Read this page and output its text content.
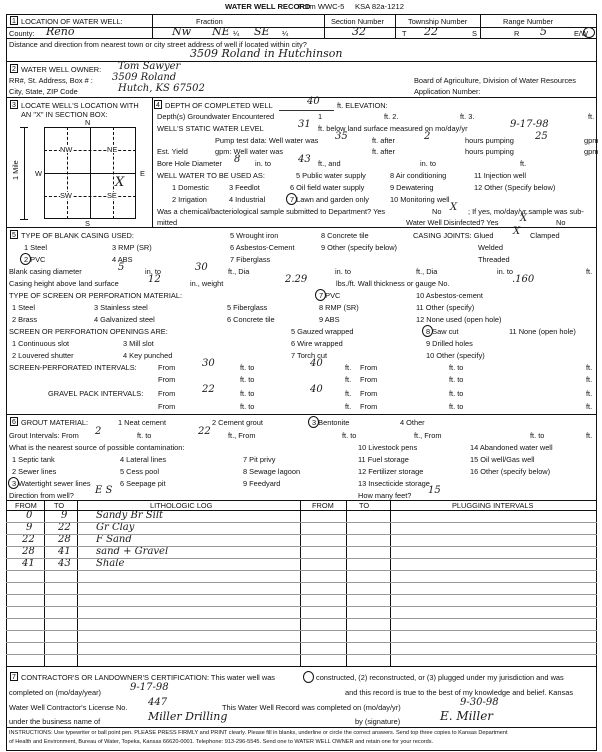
WATER WELL RECORD
Form WWC-5 KSA 82a-1212
1 LOCATION OF WATER WELL:	Fraction	Section Number	Township Number	Range Number
County: Reno	Nw NE ¼ SE ¼	32	T 22	S	R 5	E/W
Distance and direction from nearest town or city street address of well if located within city?
3509 Roland in Hutchinson
2 WATER WELL OWNER: Tom Sawyer
RR#, St. Address, Box # : 3509 Roland	Board of Agriculture, Division of Water Resources
City, State, ZIP Code	Hutch, KS 67502	Application Number:
3 LOCATE WELL'S LOCATION WITH
AN "X" IN SECTION BOX:
N
S
W	E
1 Mile
NW	NE
SW	SE
X
4 DEPTH OF COMPLETED WELL	40 ft. ELEVATION:
Depth(s) Groundwater Encountered	1	ft. 2.	ft. 3.	ft.
WELL'S STATIC WATER LEVEL	31 ft. below land surface measured on mo/day/yr	9-17-98
Pump test data: Well water was 35	ft. after	2	hours pumping 25	gpm
Est. Yield	gpm: Well water was	ft. after	hours pumping	gpm
Bore Hole Diameter 8 in. to	43 ft., and	in. to	ft.
WELL WATER TO BE USED AS:	5 Public water supply	8 Air conditioning	11 Injection well
1 Domestic	3 Feedlot	6 Oil field water supply	9 Dewatering	12 Other (Specify below)
2 Irrigation	4 Industrial	7 Lawn and garden only	10 Monitoring well
Was a chemical/bacteriological sample submitted to Department? Yes	No X ; If yes, mo/day/yr sample was sub-
mitted	Water Well Disinfected? Yes X	No
5 TYPE OF BLANK CASING USED:	5 Wrought iron	8 Concrete tile	CASING JOINTS: Glued X Clamped
1 Steel	3 RMP (SR)	6 Asbestos-Cement	9 Other (specify below)	Welded
2 PVC	4 ABS	7 Fiberglass	Threaded
Blank casing diameter	5	in. to	30	ft., Dia	in. to	ft., Dia	in. to	ft.
Casing height above land surface	12	in., weight	2.29	lbs./ft. Wall thickness or gauge No.	.160
TYPE OF SCREEN OR PERFORATION MATERIAL:	7 PVC	10 Asbestos-cement
1 Steel	3 Stainless steel	5 Fiberglass	8 RMP (SR)	11 Other (specify)
2 Brass	4 Galvanized steel	6 Concrete tile	9 ABS	12 None used (open hole)
SCREEN OR PERFORATION OPENINGS ARE:	5 Gauzed wrapped	8 Saw cut	11 None (open hole)
1 Continuous slot	3 Mill slot	6 Wire wrapped	9 Drilled holes
2 Louvered shutter	4 Key punched	7 Torch cut	10 Other (specify)
SCREEN-PERFORATED INTERVALS:	From	30	ft. to	40	ft. From	ft. to	ft.
From	ft. to	ft. From	ft. to	ft.
GRAVEL PACK INTERVALS: From	22	ft. to	40	ft. From	ft. to	ft.
From	ft. to	ft. From	ft. to	ft.
6 GROUT MATERIAL:	1 Neat cement	2 Cement grout	3 Bentonite	4 Other
Grout Intervals: From 2	ft. to	22 ft., From	ft. to	ft., From	ft. to	ft.
What is the nearest source of possible contamination:	10 Livestock pens	14 Abandoned water well
1 Septic tank	4 Lateral lines	7 Pit privy	11 Fuel storage	15 Oil well/Gas well
2 Sewer lines	5 Cess pool	8 Sewage lagoon	12 Fertilizer storage	16 Other (specify below)
3 Watertight sewer lines	6 Seepage pit	9 Feedyard	13 Insecticide storage
Direction from well? E S	How many feet? 15
FROM TO	LITHOLOGIC LOG	FROM	TO	PLUGGING INTERVALS
0	9	Sandy Br Silt
9	22	Gr Clay
22 28	F Sand
28 41	sand + Gravel
41 43	Shale
7 CONTRACTOR'S OR LANDOWNER'S CERTIFICATION: This water well was	constructed, (2) reconstructed, or (3) plugged under my jurisdiction and was
completed on (mo/day/year)	9-17-98	and this record is true to the best of my knowledge and belief. Kansas
Water Well Contractor's License No. 447	This Water Well Record was completed on (mo/day/yr)	9-30-98
under the business name of	Miller Drilling	by (signature)	E. Miller
INSTRUCTIONS: Use typewriter or ball point pen. PLEASE PRESS FIRMLY and PRINT clearly. Please fill in blanks, underline or circle the correct answers. Send top three copies to Kansas Department
of Health and Environment, Bureau of Water, Topeka, Kansas 66620-0001. Telephone: 913-296-5545. Send one to WATER WELL OWNER and retain one for your records.
